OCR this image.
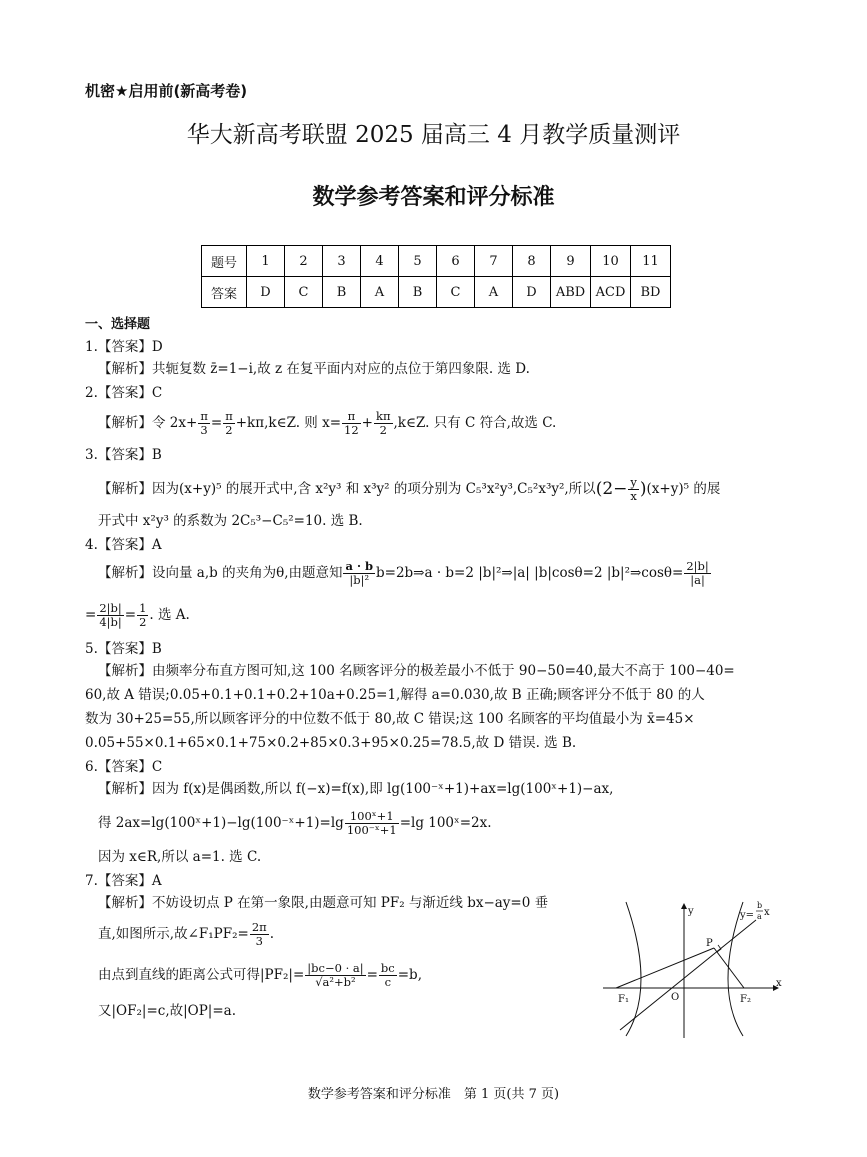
机密★启用前(新高考卷)
华大新高考联盟 2025 届高三 4 月教学质量测评
数学参考答案和评分标准
题号	1	2	3	4	5	6	7	8	9	10	11
答案	D	C	B	A	B	C	A	D	ABD	ACD	BD
一、选择题
1.【答案】D
【解析】共轭复数 z̄=1−i,故 z 在复平面内对应的点位于第四象限. 选 D.
2.【答案】C
【解析】令 $2x+ \frac{\pi}{3} = \frac{\pi}{2}$ +kπ,k∈Z. 则 $x= \frac{\pi}{12} + \frac{k\pi}{2}$ ,k∈Z. 只有 C 符合,故选 C.
3.【答案】B
【解析】因为(x+y)⁵ 的展开式中,含 x²y³ 和 x³y² 的项分别为 C₅³x²y³,C₅²x³y²,所以 ($2- \frac{y}{x}$ ) (x+y)⁵ 的展
开式中 x²y³ 的系数为 2C₅³−C₅²=10. 选 B.
4.【答案】A
【解析】设向量 a,b 的夹角为θ,由题意知 $\frac{a \cdot b}{\text{|b|²}}$ b=2b⇒a · b=2 |b|²⇒|a| |b|cosθ=2 |b|²⇒cosθ= $\frac{2|b|}{|a|}$
= $\frac{2|b|}{4|b|} = \frac{1}{2}$ . 选 A.
5.【答案】B
【解析】由频率分布直方图可知,这 100 名顾客评分的极差最小不低于 90−50=40,最大不高于 100−40=
60,故 A 错误;0.05+0.1+0.1+0.2+10a+0.25=1,解得 a=0.030,故 B 正确;顾客评分不低于 80 的人
数为 30+25=55,所以顾客评分的中位数不低于 80,故 C 错误;这 100 名顾客的平均值最小为 x̄=45×
0.05+55×0.1+65×0.1+75×0.2+85×0.3+95×0.25=78.5,故 D 错误. 选 B.
6.【答案】C
【解析】因为 f(x)是偶函数,所以 f(−x)=f(x),即 lg(100⁻ˣ+1)+ax=lg(100ˣ+1)−ax,
得 2ax=lg(100ˣ+1)−lg(100⁻ˣ+1)=lg $\frac{\text{100ˣ+1}}{\text{100⁻ˣ+1}} =\lg$ 100ˣ=2x.
因为 x∈R,所以 a=1. 选 C.
7.【答案】A
【解析】不妨设切点 P 在第一象限,由题意可知 PF₂ 与渐近线 bx−ay=0 垂
直,如图所示,故∠F₁PF₂= $\frac{2\pi}{3}$ .
由点到直线的距离公式可得$|PF_2|= \frac{|bc-0 \cdot a|}{\text{√a²+b²}} = \frac{bc}{c} =b$,
又|OF₂|=c,故|OP|=a.
y
x
y=
b
a x
P
F₁	F₂
O
数学参考答案和评分标准　第 1 页(共 7 页)
